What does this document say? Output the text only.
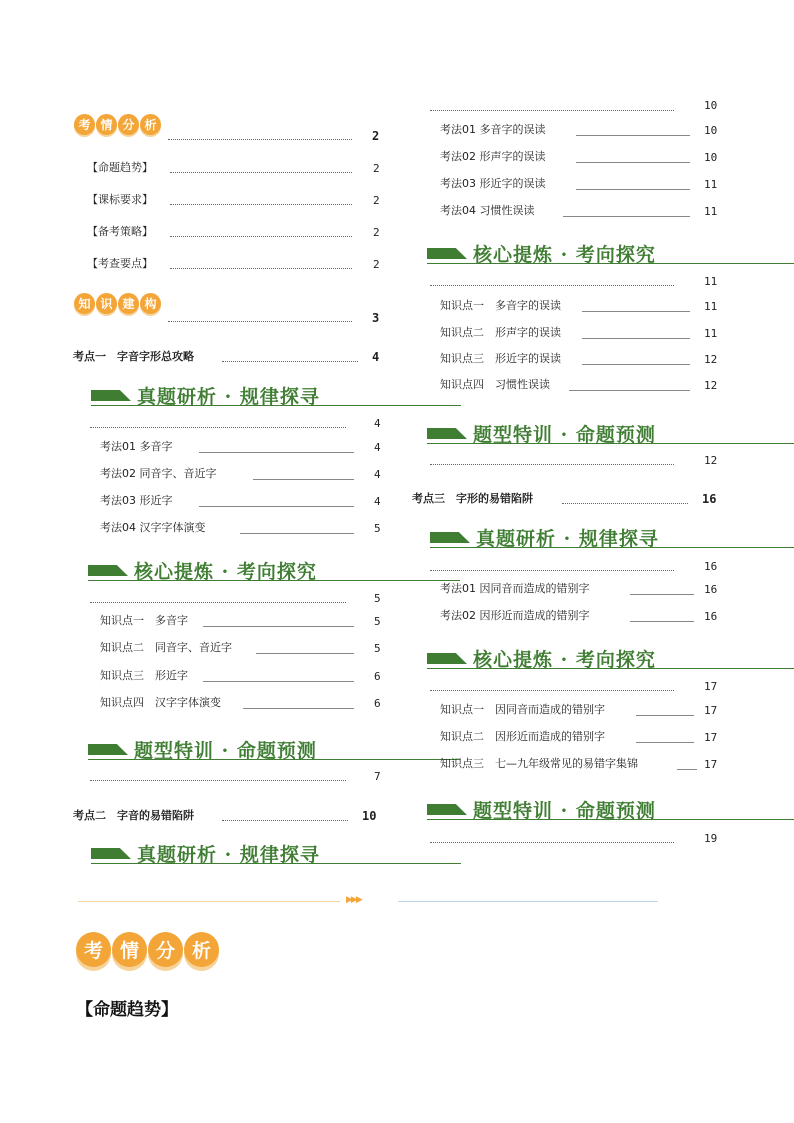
考 情 分 析
2
【命题趋势】	2
【课标要求】	2
【备考策略】	2
【考查要点】	2
知 识 建 构
3
考点一　字音字形总攻略	4
真题研析 · 规律探寻
4
考法01 多音字	4
考法02 同音字、音近字	4
考法03 形近字	4
考法04 汉字字体演变	5
核心提炼 · 考向探究
5
知识点一　多音字	5
知识点二　同音字、音近字	5
知识点三　形近字	6
知识点四　汉字字体演变	6
题型特训 · 命题预测
7
考点二　字音的易错陷阱	10
真题研析 · 规律探寻
10
考法01 多音字的误读	10
考法02 形声字的误读	10
考法03 形近字的误读	11
考法04 习惯性误读	11
核心提炼 · 考向探究
11
知识点一　多音字的误读	11
知识点二　形声字的误读	11
知识点三　形近字的误读	12
知识点四　习惯性误读	12
题型特训 · 命题预测
12
考点三　字形的易错陷阱	16
真题研析 · 规律探寻
16
考法01 因同音而造成的错别字	16
考法02 因形近而造成的错别字	16
核心提炼 · 考向探究
17
知识点一　因同音而造成的错别字	17
知识点二　因形近而造成的错别字	17
知识点三　七—九年级常见的易错字集锦	17
题型特训 · 命题预测
19
▶▶▶
考 情 分 析
【命题趋势】
